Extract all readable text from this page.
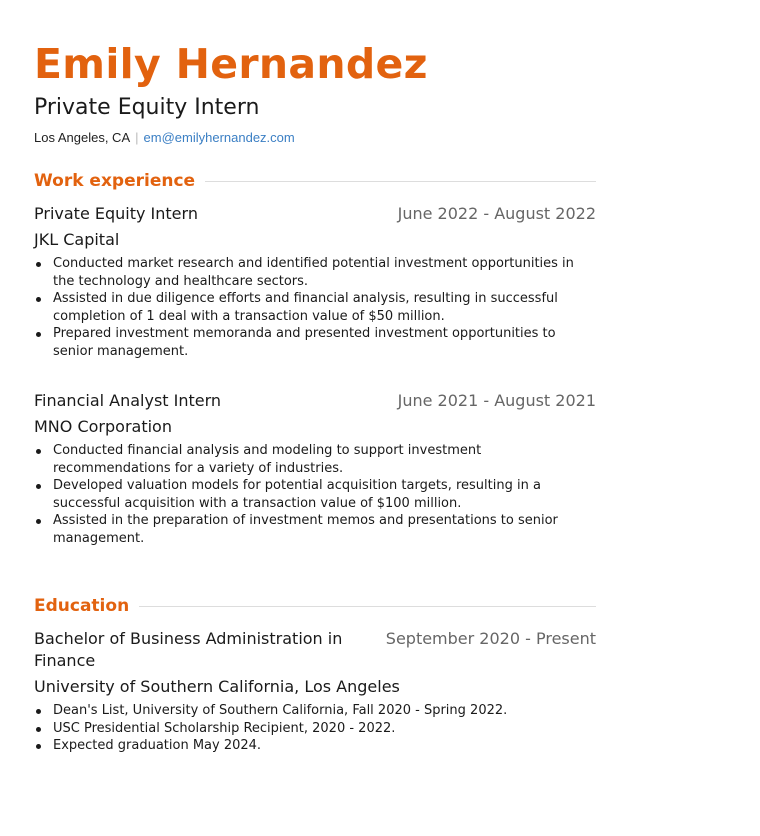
Emily Hernandez
Private Equity Intern
Los Angeles, CA | em@emilyhernandez.com
Work experience
Private Equity Intern	June 2022 - August 2022
JKL Capital
Conducted market research and identified potential investment opportunities in the technology and healthcare sectors.
Assisted in due diligence efforts and financial analysis, resulting in successful completion of 1 deal with a transaction value of $50 million.
Prepared investment memoranda and presented investment opportunities to senior management.
Financial Analyst Intern	June 2021 - August 2021
MNO Corporation
Conducted financial analysis and modeling to support investment recommendations for a variety of industries.
Developed valuation models for potential acquisition targets, resulting in a successful acquisition with a transaction value of $100 million.
Assisted in the preparation of investment memos and presentations to senior management.
Education
Bachelor of Business Administration in Finance
September 2020 - Present
University of Southern California, Los Angeles
Dean's List, University of Southern California, Fall 2020 - Spring 2022.
USC Presidential Scholarship Recipient, 2020 - 2022.
Expected graduation May 2024.
